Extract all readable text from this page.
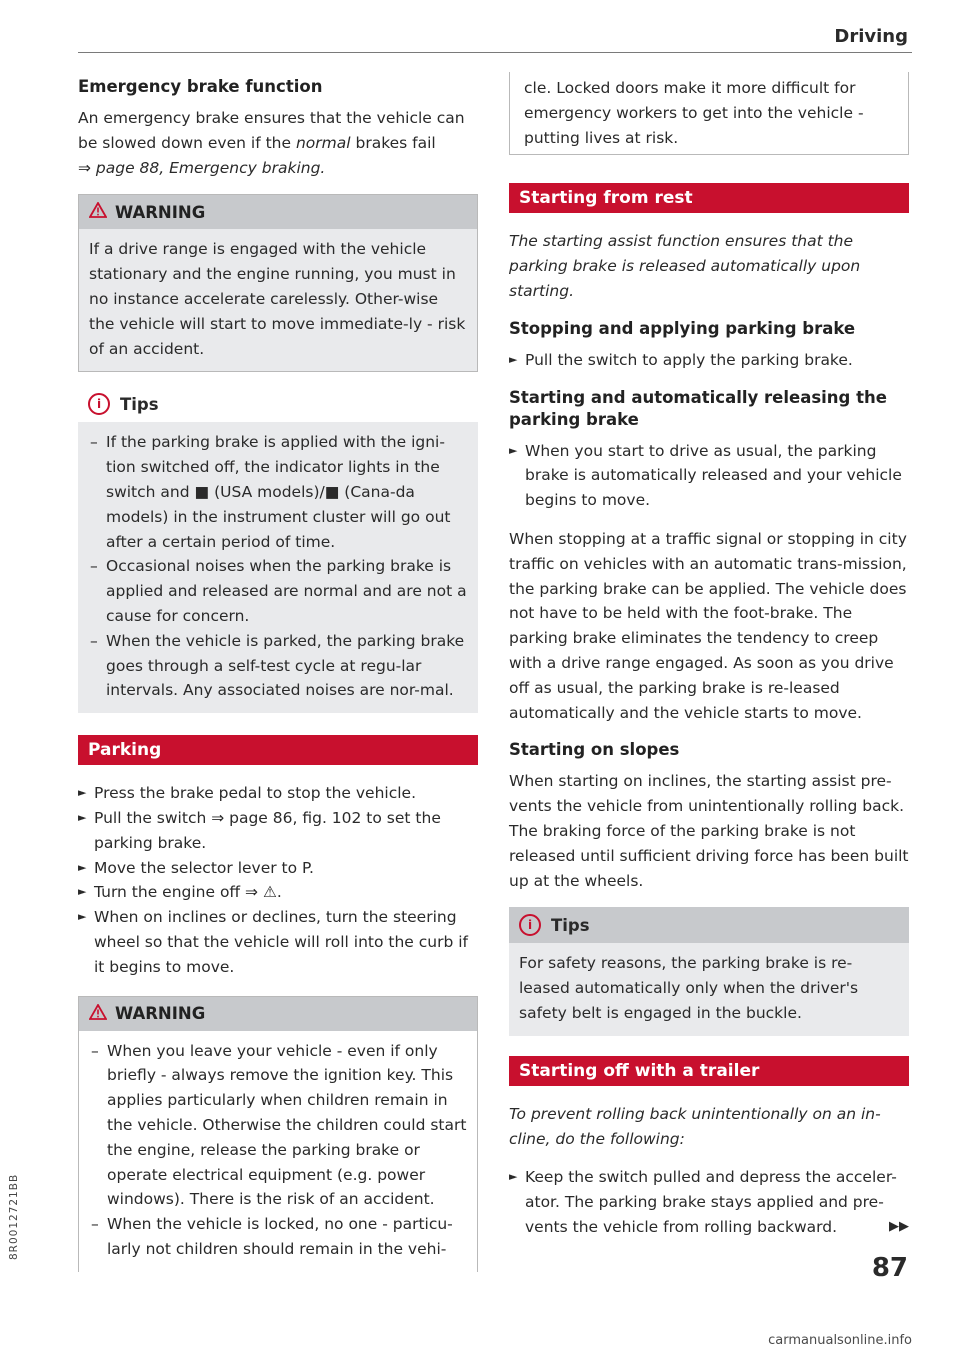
Driving
Emergency brake function

An emergency brake ensures that the vehicle can be slowed down even if the normal brakes fail
⇒ page 88, Emergency braking.

WARNING

If a drive range is engaged with the vehicle stationary and the engine running, you must in no instance accelerate carelessly. Other-wise the vehicle will start to move immediate-ly - risk of an accident.

i	Tips

– If the parking brake is applied with the igni-tion switched off, the indicator lights in the switch and ■ (USA models)/■ (Cana-da models) in the instrument cluster will go out after a certain period of time.

– Occasional noises when the parking brake is applied and released are normal and are not a cause for concern.

– When the vehicle is parked, the parking brake goes through a self-test cycle at regu-lar intervals. Any associated noises are nor-mal.

Parking

► Press the brake pedal to stop the vehicle.

► Pull the switch ⇒ page 86, fig. 102 to set the parking brake.

► Move the selector lever to P.

► Turn the engine off ⇒ ⚠.

► When on inclines or declines, turn the steering wheel so that the vehicle will roll into the curb if it begins to move.

WARNING

– When you leave your vehicle - even if only briefly - always remove the ignition key. This applies particularly when children remain in the vehicle. Otherwise the children could start the engine, release the parking brake or operate electrical equipment (e.g. power windows). There is the risk of an accident.

– When the vehicle is locked, no one - particu-larly not children should remain in the vehi-

cle. Locked doors make it more difficult for emergency workers to get into the vehicle - putting lives at risk.

Starting from rest

The starting assist function ensures that the parking brake is released automatically upon starting.

Stopping and applying parking brake

► Pull the switch to apply the parking brake.

Starting and automatically releasing the parking brake

► When you start to drive as usual, the parking brake is automatically released and your vehicle begins to move.

When stopping at a traffic signal or stopping in city traffic on vehicles with an automatic trans-mission, the parking brake can be applied. The vehicle does not have to be held with the foot-brake. The parking brake eliminates the tendency to creep with a drive range engaged. As soon as you drive off as usual, the parking brake is re-leased automatically and the vehicle starts to move.

Starting on slopes

When starting on inclines, the starting assist pre-vents the vehicle from unintentionally rolling back. The braking force of the parking brake is not released until sufficient driving force has been built up at the wheels.

i	Tips

For safety reasons, the parking brake is re-leased automatically only when the driver's safety belt is engaged in the buckle.

Starting off with a trailer

To prevent rolling back unintentionally on an in-cline, do the following:

► Keep the switch pulled and depress the acceler-ator. The parking brake stays applied and pre-vents the vehicle from rolling backward.	▶▶

87
8R0012721BB
carmanualsonline.info
